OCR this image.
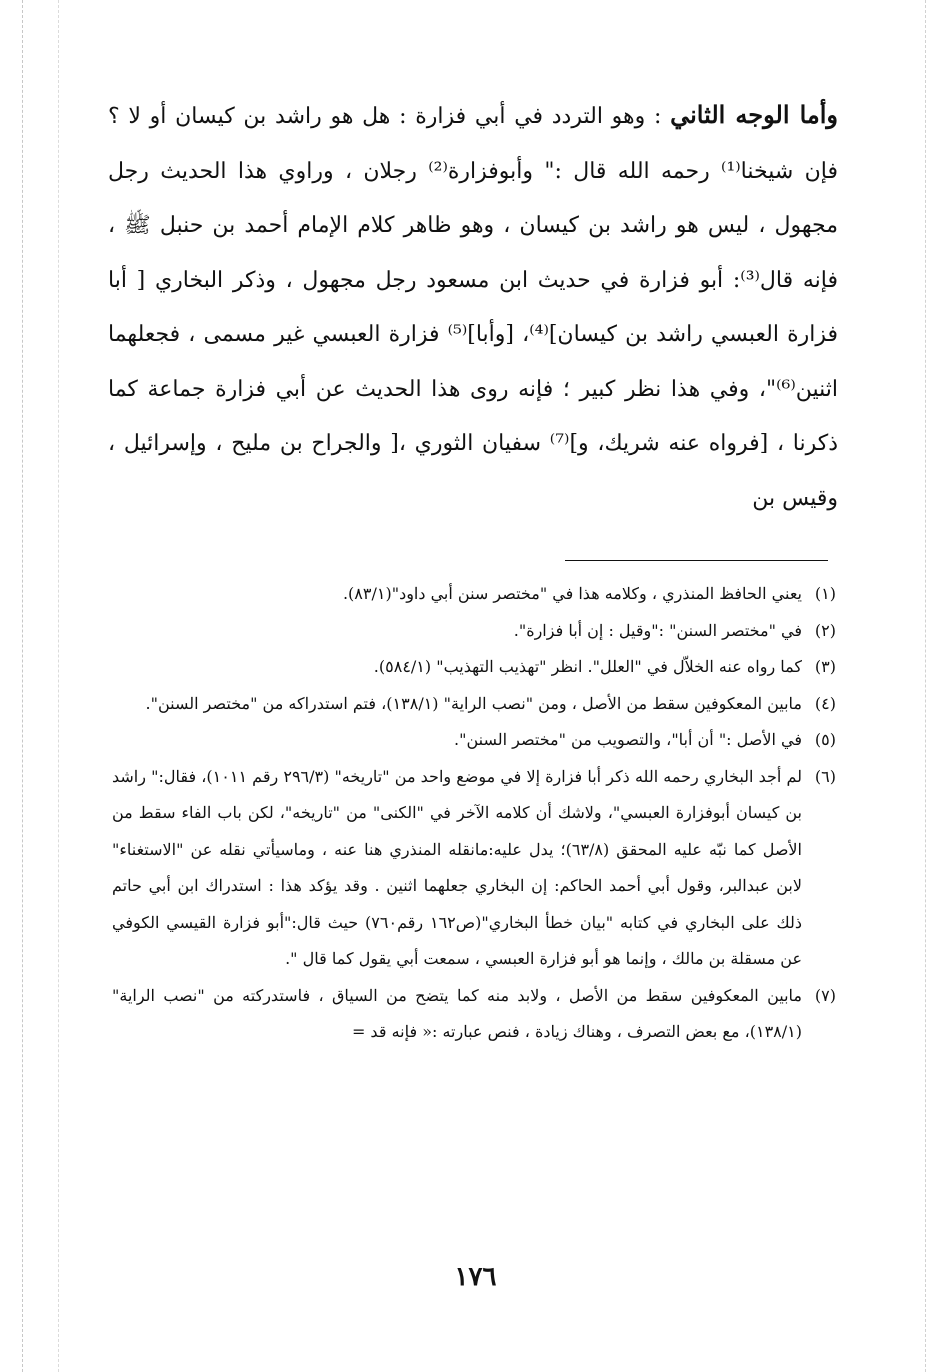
وأما الوجه الثاني : وهو التردد في أبي فزارة : هل هو راشد بن كيسان أو لا ؟ فإن شيخنا⁽¹⁾ رحمه الله قال :" وأبوفزارة⁽²⁾ رجلان ، وراوي هذا الحديث رجل مجهول ، ليس هو راشد بن كيسان ، وهو ظاهر كلام الإمام أحمد بن حنبل ﷺ ، فإنه قال⁽³⁾: أبو فزارة في حديث ابن مسعود رجل مجهول ، وذكر البخاري [ أبا فزارة العبسي راشد بن كيسان]⁽⁴⁾، [وأبا]⁽⁵⁾ فزارة العبسي غير مسمى ، فجعلهما اثنين⁽⁶⁾"، وفي هذا نظر كبير ؛ فإنه روى هذا الحديث عن أبي فزارة جماعة كما ذكرنا ، [فرواه عنه شريك، و]⁽⁷⁾ سفيان الثوري ،[ والجراح بن مليح ، وإسرائيل ، وقيس بن

(١)يعني الحافظ المنذري ، وكلامه هذا في "مختصر سنن أبي داود"(٨٣/١).
(٢)في "مختصر السنن" :"وقيل : إن أبا فزارة".
(٣)كما رواه عنه الخلاّل في "العلل". انظر "تهذيب التهذيب" (٥٨٤/١).
(٤)مابين المعكوفين سقط من الأصل ، ومن "نصب الراية" (١٣٨/١)، فتم استدراكه من "مختصر السنن".
(٥)في الأصل :" أن أبا"، والتصويب من "مختصر السنن".
(٦)لم أجد البخاري رحمه الله ذكر أبا فزارة إلا في موضع واحد من "تاريخه" (٢٩٦/٣ رقم ١٠١١)، فقال:" راشد بن كيسان أبوفزارة العبسي"، ولاشك أن كلامه الآخر في "الكنى" من "تاريخه"، لكن باب الفاء سقط من الأصل كما نبّه عليه المحقق (٦٣/٨)؛ يدل عليه:مانقله المنذري هنا عنه ، وماسيأتي نقله عن "الاستغناء" لابن عبدالبر، وقول أبي أحمد الحاكم: إن البخاري جعلهما اثنين . وقد يؤكد هذا : استدراك ابن أبي حاتم ذلك على البخاري في كتابه "بيان خطأ البخاري"(ص١٦٢ رقم٧٦٠) حيث قال:"أبو فزارة القيسي الكوفي عن مسقلة بن مالك ، وإنما هو أبو فزارة العبسي ، سمعت أبي يقول كما قال ".
(٧)مابين المعكوفين سقط من الأصل ، ولابد منه كما يتضح من السياق ، فاستدركته من "نصب الراية" (١٣٨/١)، مع بعض التصرف ، وهناك زيادة ، فنص عبارته :« فإنه قد =
١٧٦
